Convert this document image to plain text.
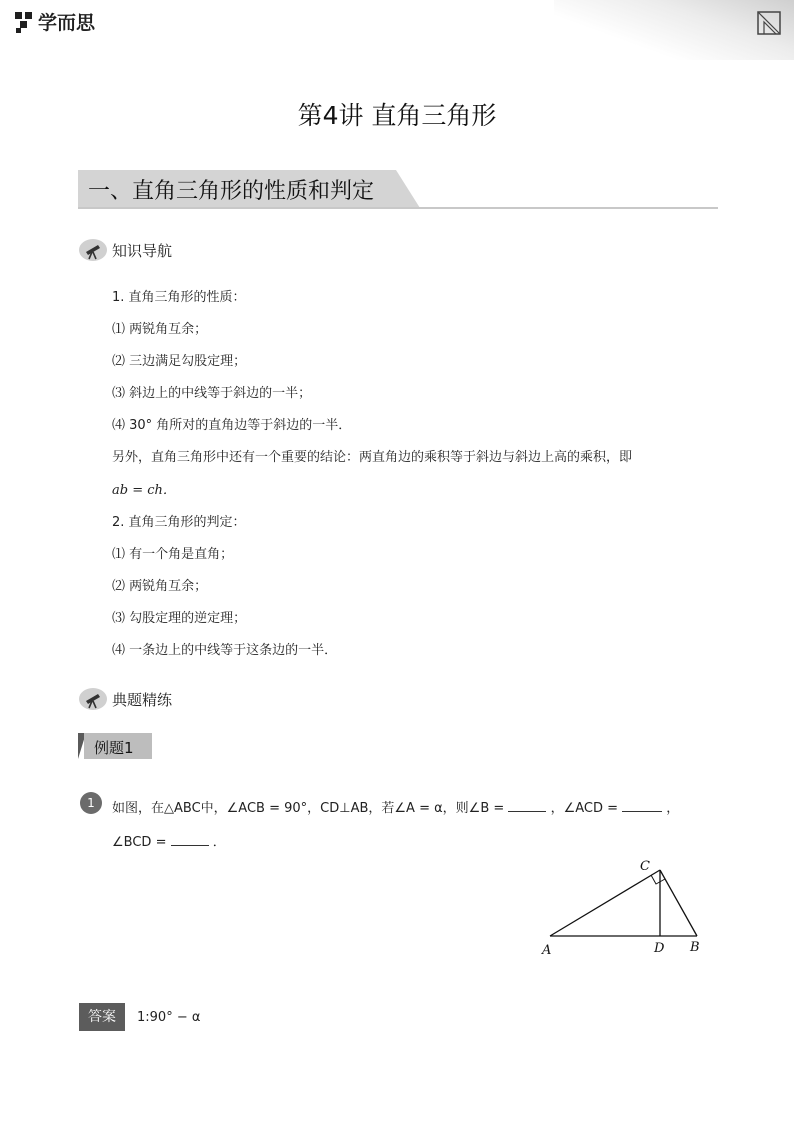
学而思
第4讲 直角三角形
一、直角三角形的性质和判定
知识导航
1. 直角三角形的性质：
⑴ 两锐角互余；
⑵ 三边满足勾股定理；
⑶ 斜边上的中线等于斜边的一半；
⑷ 30° 角所对的直角边等于斜边的一半．
另外，直角三角形中还有一个重要的结论：两直角边的乘积等于斜边与斜边上高的乘积，即
ab = ch．
2. 直角三角形的判定：
⑴ 有一个角是直角；
⑵ 两锐角互余；
⑶ 勾股定理的逆定理；
⑷ 一条边上的中线等于这条边的一半．
典题精练
例题1
1	如图，在△ABC中，∠ACB = 90°，CD⊥AB，若∠A = α，则∠B =	，∠ACD =	，
∠BCD =	．
C
A	D B
答案	1:90° − α
